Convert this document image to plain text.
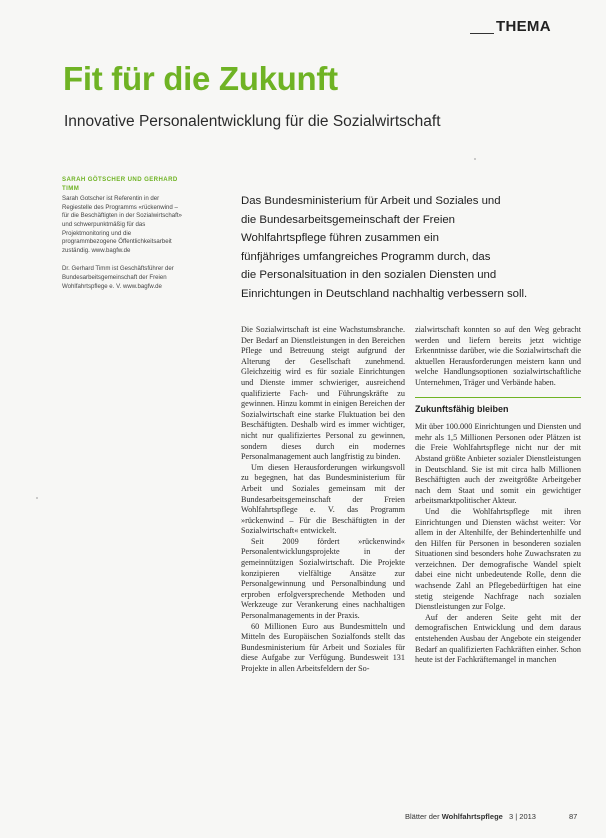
THEMA
Fit für die Zukunft
Innovative Personalentwicklung für die Sozialwirtschaft
SARAH GÖTSCHER UND GERHARD TIMM
Sarah Gotscher ist Referentin in der Regiestelle des Programms «rückenwind – für die Beschäftigten in der Sozialwirtschaft» und schwerpunktmäßig für das Projektmonitoring und die programmbezogene Öffentlichkeitsarbeit zuständig. www.bagfw.de
Dr. Gerhard Timm ist Geschäftsführer der Bundesarbeitsgemeinschaft der Freien Wohlfahrtspflege e. V. www.bagfw.de
Das Bundesministerium für Arbeit und Soziales und
die Bundesarbeitsgemeinschaft der Freien
Wohlfahrtspflege führen zusammen ein
fünfjähriges umfangreiches Programm durch, das
die Personalsituation in den sozialen Diensten und
Einrichtungen in Deutschland nachhaltig verbessern soll.

Die Sozialwirtschaft ist eine Wachstumsbranche. Der Bedarf an Dienstleistungen in den Bereichen Pflege und Betreuung steigt aufgrund der Alterung der Gesellschaft zunehmend. Gleichzeitig wird es für soziale Einrichtungen und Dienste immer schwieriger, ausreichend qualifizierte Fach- und Führungskräfte zu gewinnen. Hinzu kommt in einigen Bereichen der Sozialwirtschaft eine starke Fluktuation bei den Beschäftigten. Deshalb wird es immer wichtiger, nicht nur qualifiziertes Personal zu gewinnen, sondern dieses durch ein modernes Personalmanagement auch langfristig zu binden.

Um diesen Herausforderungen wirkungsvoll zu begegnen, hat das Bundesministerium für Arbeit und Soziales gemeinsam mit der Bundesarbeitsgemeinschaft der Freien Wohlfahrtspflege e. V. das Programm »rückenwind – Für die Beschäftigten in der Sozialwirtschaft« entwickelt.

Seit 2009 fördert »rückenwind« Personalentwicklungsprojekte in der gemeinnützigen Sozialwirtschaft. Die Projekte konzipieren vielfältige Ansätze zur Personalgewinnung und Personalbindung und erproben erfolgversprechende Methoden und Werkzeuge zur Verankerung eines nachhaltigen Personalmanagements in der Praxis.

60 Millionen Euro aus Bundesmitteln und Mitteln des Europäischen Sozialfonds stellt das Bundesministerium für Arbeit und Soziales für diese Aufgabe zur Verfügung. Bundesweit 131 Projekte in allen Arbeitsfeldern der So-

zialwirtschaft konnten so auf den Weg gebracht werden und liefern bereits jetzt wichtige Erkenntnisse darüber, wie die Sozialwirtschaft die aktuellen Herausforderungen meistern kann und welche Handlungsoptionen sozialwirtschaftliche Unternehmen, Träger und Verbände haben.

Zukunftsfähig bleiben

Mit über 100.000 Einrichtungen und Diensten und mehr als 1,5 Millionen Personen oder Plätzen ist die Freie Wohlfahrtspflege nicht nur der mit Abstand größte Anbieter sozialer Dienstleistungen in Deutschland. Sie ist mit circa halb Millionen Beschäftigten auch der zweitgrößte Arbeitgeber nach dem Staat und somit ein gewichtiger arbeitsmarktpolitischer Akteur.

Und die Wohlfahrtspflege mit ihren Einrichtungen und Diensten wächst weiter: Vor allem in der Altenhilfe, der Behindertenhilfe und den Hilfen für Personen in besonderen sozialen Situationen sind besonders hohe Zuwachsraten zu verzeichnen. Der demografische Wandel spielt dabei eine nicht unbedeutende Rolle, denn die wachsende Zahl an Pflegebedürftigen hat eine stetig steigende Nachfrage nach sozialen Dienstleistungen zur Folge.

Auf der anderen Seite geht mit der demografischen Entwicklung und dem daraus entstehenden Ausbau der Angebote ein steigender Bedarf an qualifizierten Fachkräften einher. Schon heute ist der Fachkräftemangel in manchen

Blätter der Wohlfahrtspflege 3 | 2013	87
